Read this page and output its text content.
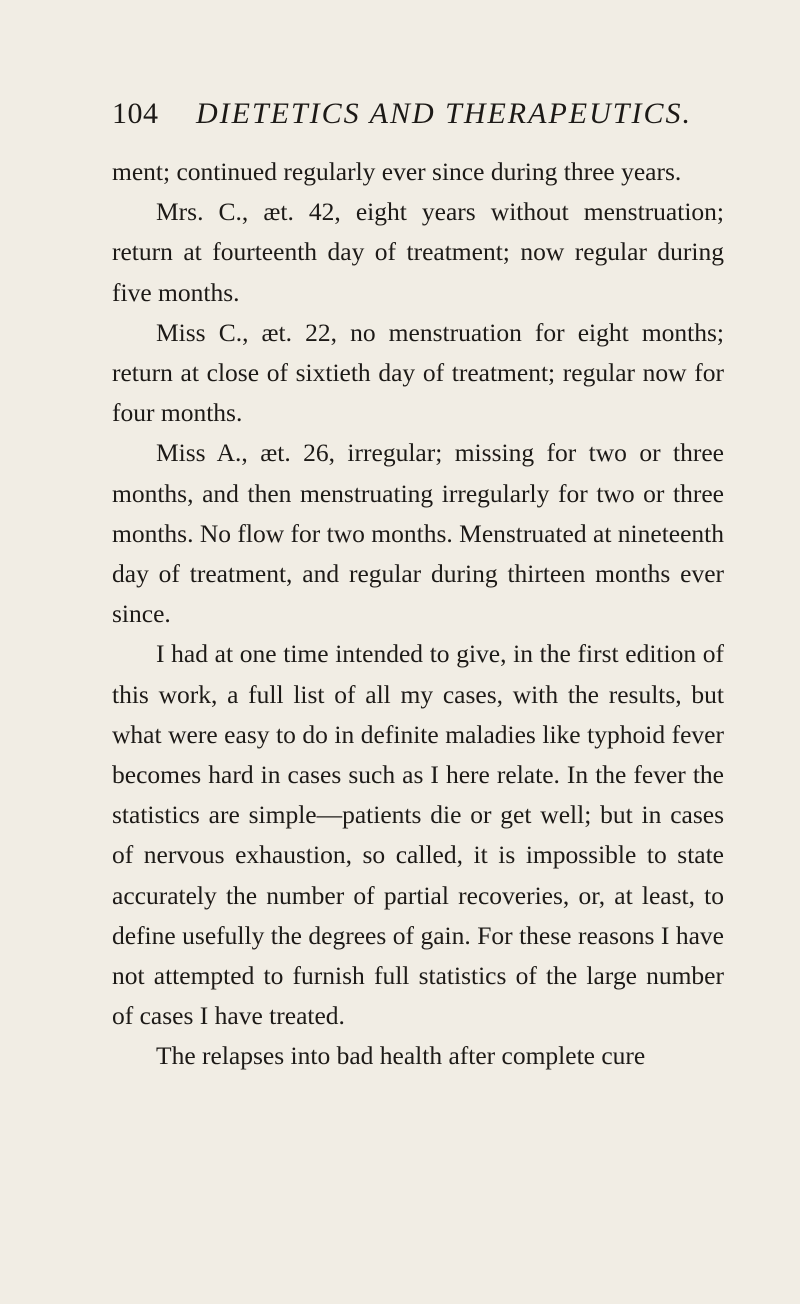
104 DIETETICS AND THERAPEUTICS.

ment; continued regularly ever since during three years.

Mrs. C., æt. 42, eight years without menstruation; return at fourteenth day of treatment; now regular during five months.

Miss C., æt. 22, no menstruation for eight months; return at close of sixtieth day of treatment; regular now for four months.

Miss A., æt. 26, irregular; missing for two or three months, and then menstruating irregularly for two or three months. No flow for two months. Menstruated at nineteenth day of treatment, and regular during thirteen months ever since.

I had at one time intended to give, in the first edition of this work, a full list of all my cases, with the results, but what were easy to do in definite maladies like typhoid fever becomes hard in cases such as I here relate. In the fever the statistics are simple—patients die or get well; but in cases of nervous exhaustion, so called, it is impossible to state accurately the number of partial recoveries, or, at least, to define usefully the degrees of gain. For these reasons I have not attempted to furnish full statistics of the large number of cases I have treated.

The relapses into bad health after complete cure
